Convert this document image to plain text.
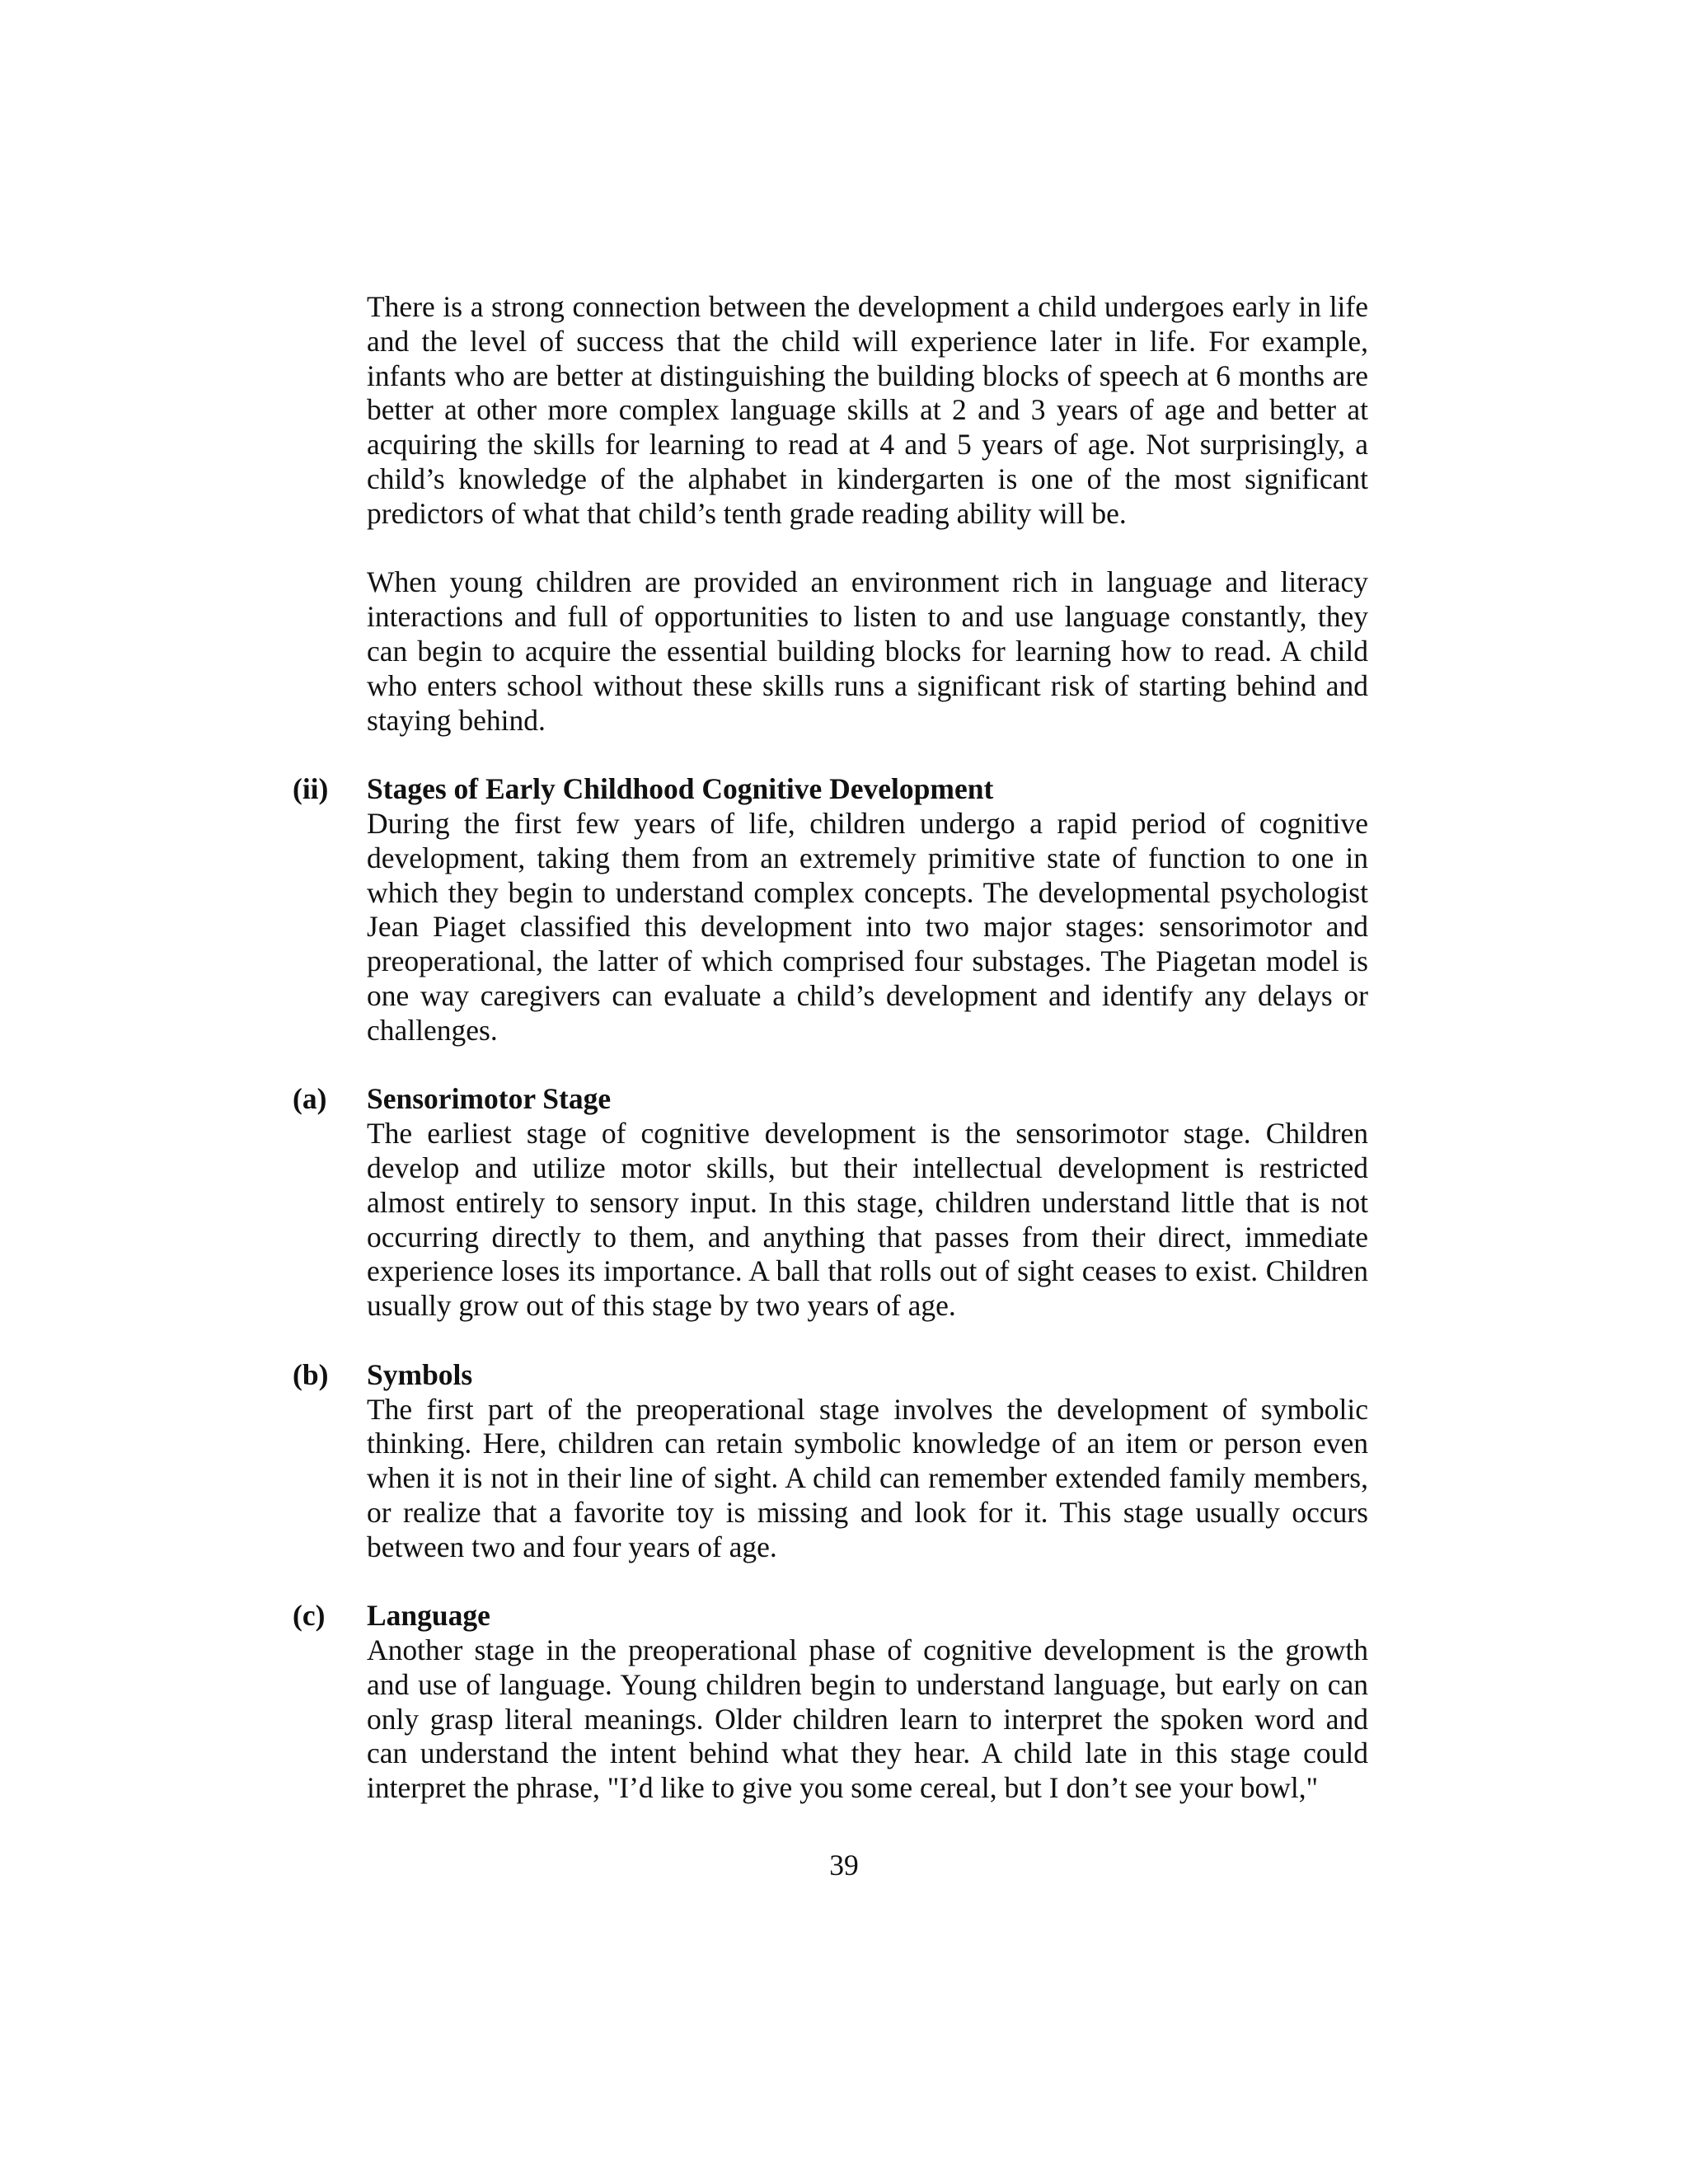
There is a strong connection between the development a child undergoes early in life and the level of success that the child will experience later in life. For example, infants who are better at distinguishing the building blocks of speech at 6 months are better at other more complex language skills at 2 and 3 years of age and better at acquiring the skills for learning to read at 4 and 5 years of age. Not surprisingly, a child’s knowledge of the alphabet in kindergarten is one of the most significant predictors of what that child’s tenth grade reading ability will be.

When young children are provided an environment rich in language and literacy interactions and full of opportunities to listen to and use language constantly, they can begin to acquire the essential building blocks for learning how to read. A child who enters school without these skills runs a significant risk of starting behind and staying behind.

(ii) Stages of Early Childhood Cognitive Development

During the first few years of life, children undergo a rapid period of cognitive development, taking them from an extremely primitive state of function to one in which they begin to understand complex concepts. The developmental psychologist Jean Piaget classified this development into two major stages: sensorimotor and preoperational, the latter of which comprised four substages. The Piagetan model is one way caregivers can evaluate a child’s development and identify any delays or challenges.

(a) Sensorimotor Stage

The earliest stage of cognitive development is the sensorimotor stage. Children develop and utilize motor skills, but their intellectual development is restricted almost entirely to sensory input. In this stage, children understand little that is not occurring directly to them, and anything that passes from their direct, immediate experience loses its importance. A ball that rolls out of sight ceases to exist. Children usually grow out of this stage by two years of age.

(b) Symbols

The first part of the preoperational stage involves the development of symbolic thinking. Here, children can retain symbolic knowledge of an item or person even when it is not in their line of sight. A child can remember extended family members, or realize that a favorite toy is missing and look for it. This stage usually occurs between two and four years of age.

(c) Language

Another stage in the preoperational phase of cognitive development is the growth and use of language. Young children begin to understand language, but early on can only grasp literal meanings. Older children learn to interpret the spoken word and can understand the intent behind what they hear. A child late in this stage could interpret the phrase, "I’d like to give you some cereal, but I don’t see your bowl,"

39
